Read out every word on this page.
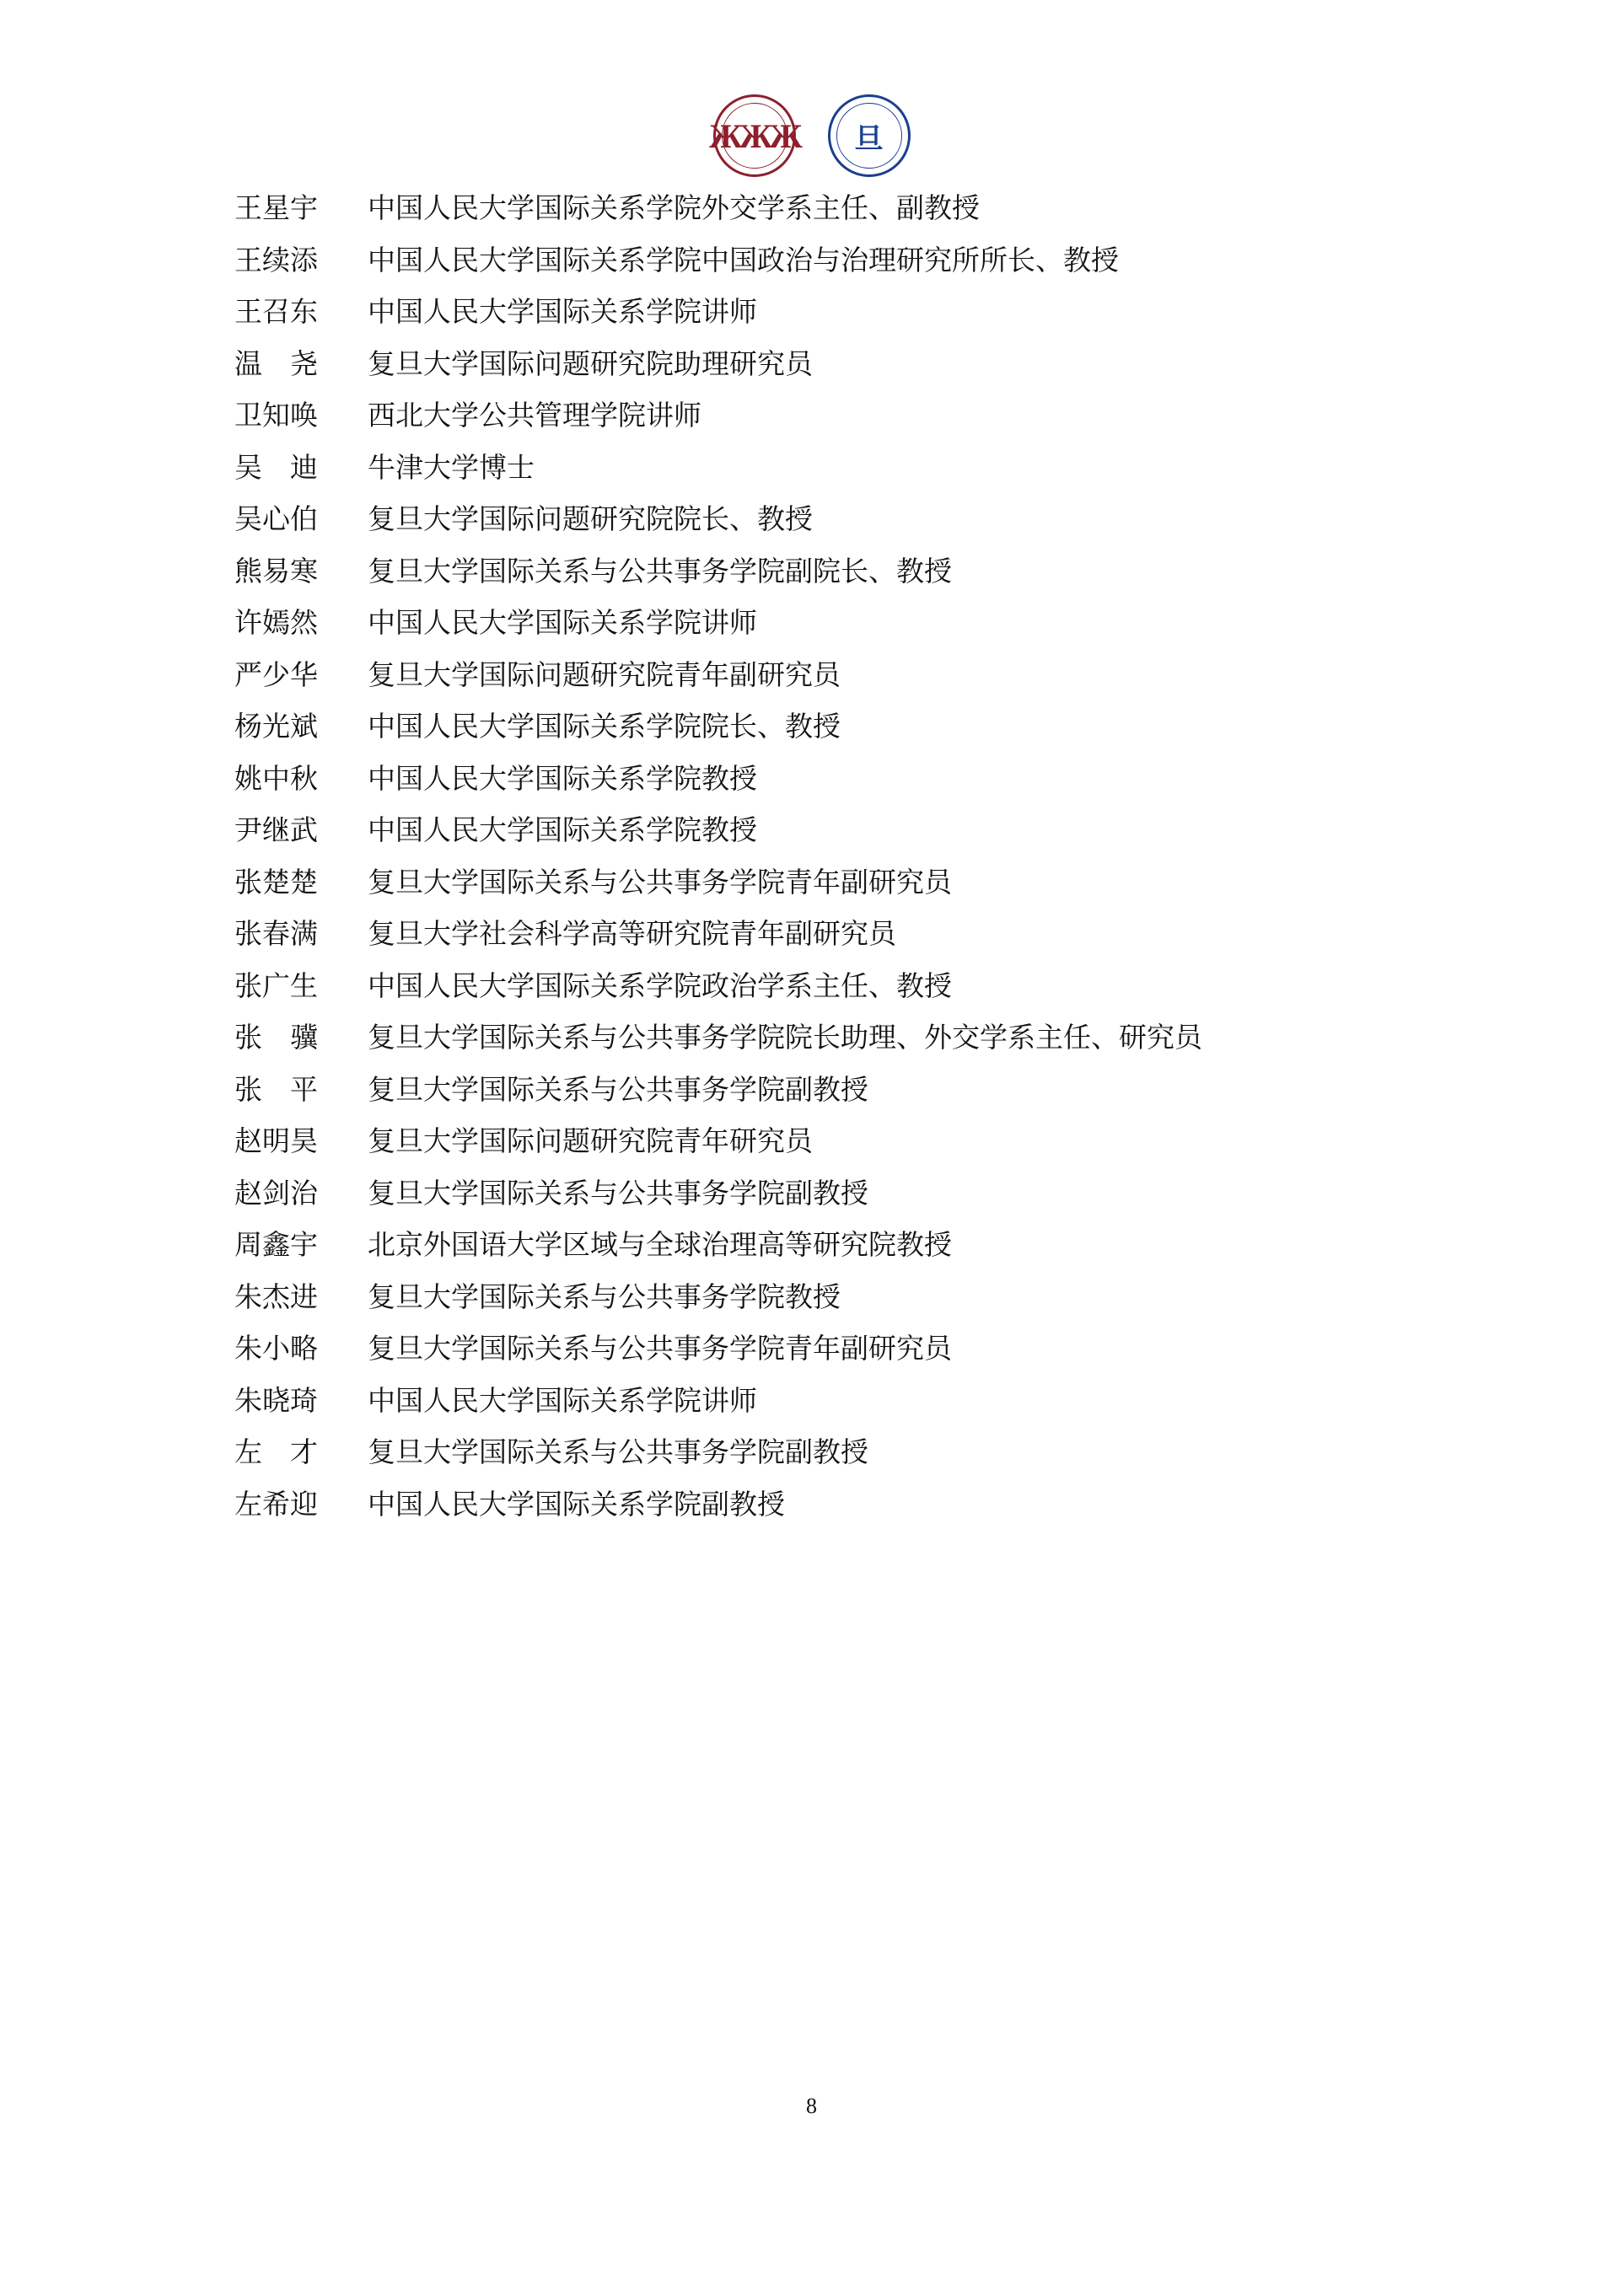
ЖЖЖ 旦
王星宇	中国人民大学国际关系学院外交学系主任、副教授
王续添	中国人民大学国际关系学院中国政治与治理研究所所长、教授
王召东	中国人民大学国际关系学院讲师
温　尧	复旦大学国际问题研究院助理研究员
卫知唤	西北大学公共管理学院讲师
吴　迪	牛津大学博士
吴心伯	复旦大学国际问题研究院院长、教授
熊易寒	复旦大学国际关系与公共事务学院副院长、教授
许嫣然	中国人民大学国际关系学院讲师
严少华	复旦大学国际问题研究院青年副研究员
杨光斌	中国人民大学国际关系学院院长、教授
姚中秋	中国人民大学国际关系学院教授
尹继武	中国人民大学国际关系学院教授
张楚楚	复旦大学国际关系与公共事务学院青年副研究员
张春满	复旦大学社会科学高等研究院青年副研究员
张广生	中国人民大学国际关系学院政治学系主任、教授
张　骥	复旦大学国际关系与公共事务学院院长助理、外交学系主任、研究员
张　平	复旦大学国际关系与公共事务学院副教授
赵明昊	复旦大学国际问题研究院青年研究员
赵剑治	复旦大学国际关系与公共事务学院副教授
周鑫宇	北京外国语大学区域与全球治理高等研究院教授
朱杰进	复旦大学国际关系与公共事务学院教授
朱小略	复旦大学国际关系与公共事务学院青年副研究员
朱晓琦	中国人民大学国际关系学院讲师
左　才	复旦大学国际关系与公共事务学院副教授
左希迎	中国人民大学国际关系学院副教授
8
